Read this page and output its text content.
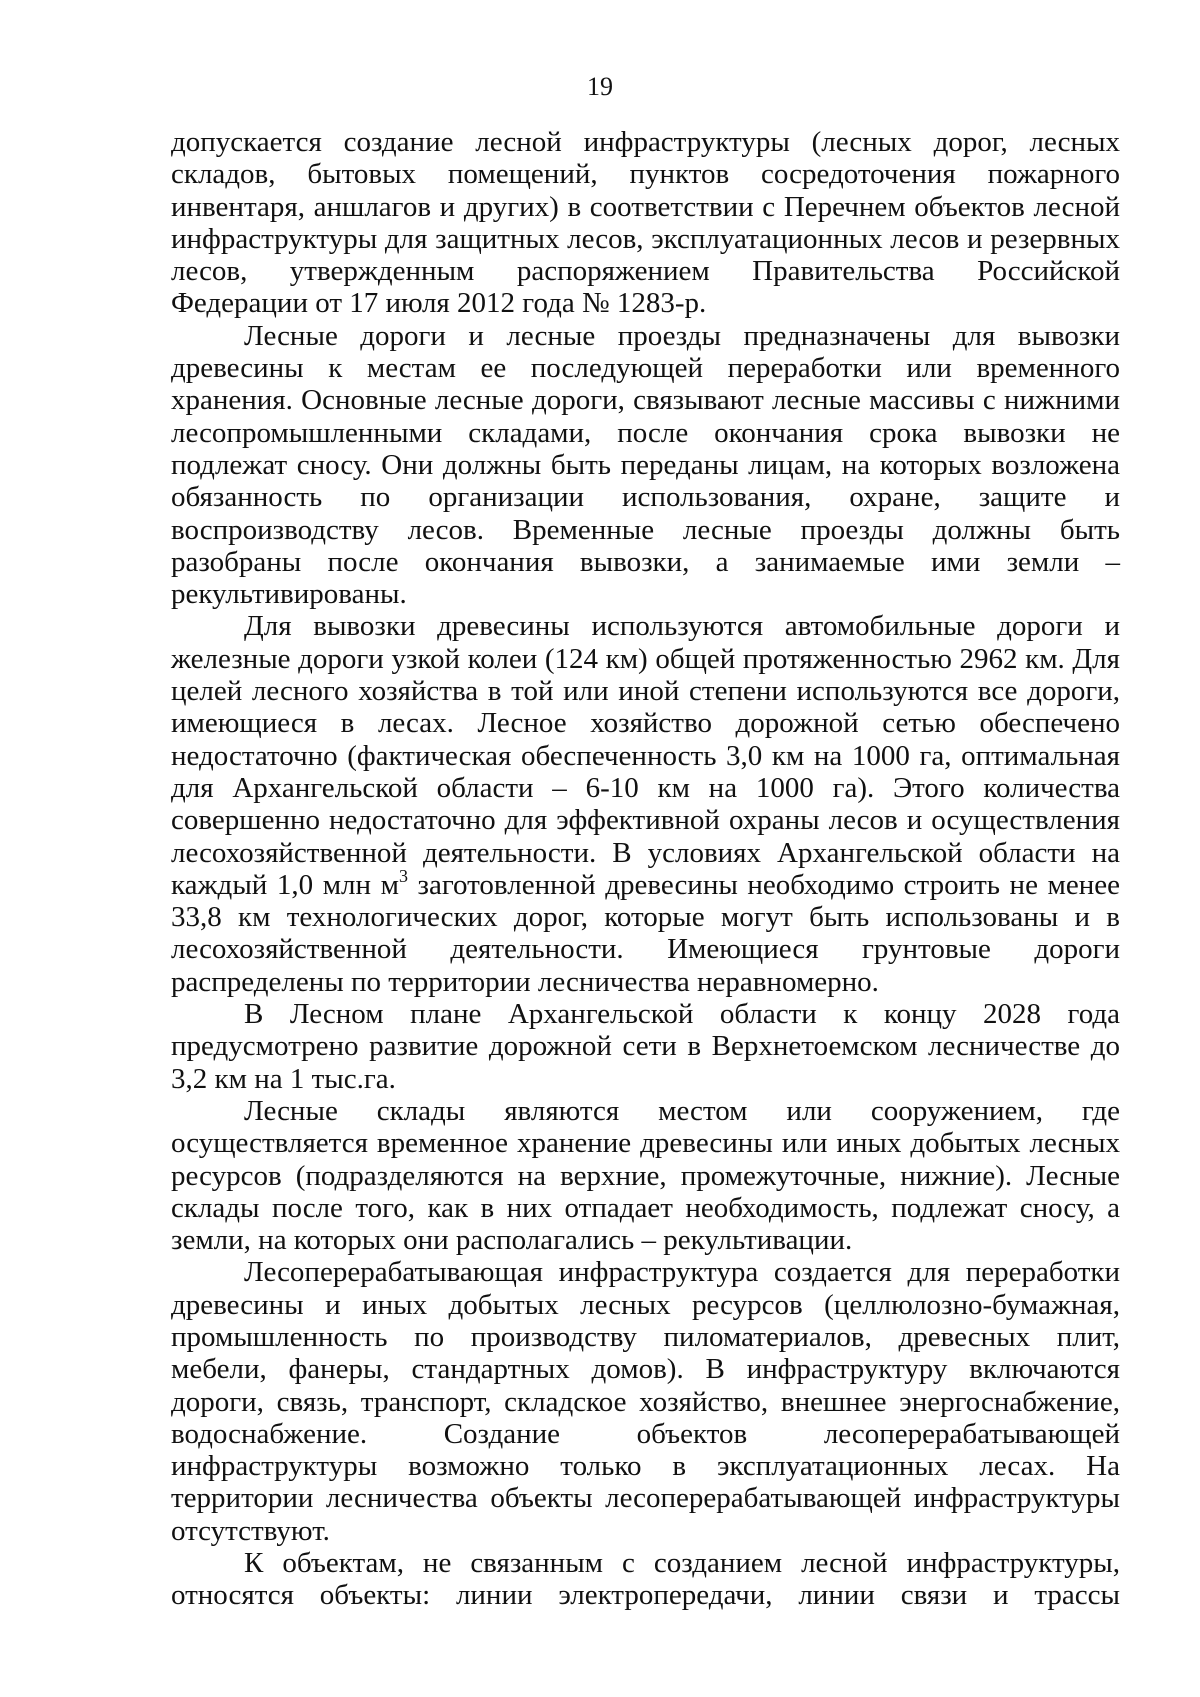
19

допускается создание лесной инфраструктуры (лесных дорог, лесных складов, бытовых помещений, пунктов сосредоточения пожарного инвентаря, аншлагов и других) в соответствии с Перечнем объектов лесной инфраструктуры для защитных лесов, эксплуатационных лесов и резервных лесов, утвержденным распоряжением Правительства Российской Федерации от 17 июля 2012 года № 1283-р.

Лесные дороги и лесные проезды предназначены для вывозки древесины к местам ее последующей переработки или временного хранения. Основные лесные дороги, связывают лесные массивы с нижними лесопромышленными складами, после окончания срока вывозки не подлежат сносу. Они должны быть переданы лицам, на которых возложена обязанность по организации использования, охране, защите и воспроизводству лесов. Временные лесные проезды должны быть разобраны после окончания вывозки, а занимаемые ими земли – рекультивированы.

Для вывозки древесины используются автомобильные дороги и железные дороги узкой колеи (124 км) общей протяженностью 2962 км. Для целей лесного хозяйства в той или иной степени используются все дороги, имеющиеся в лесах. Лесное хозяйство дорожной сетью обеспечено недостаточно (фактическая обеспеченность 3,0 км на 1000 га, оптимальная для Архангельской области – 6-10 км на 1000 га). Этого количества совершенно недостаточно для эффективной охраны лесов и осуществления лесохозяйственной деятельности. В условиях Архангельской области на каждый 1,0 млн $м^3$ заготовленной древесины необходимо строить не менее 33,8 км технологических дорог, которые могут быть использованы и в лесохозяйственной деятельности. Имеющиеся грунтовые дороги распределены по территории лесничества неравномерно.

В Лесном плане Архангельской области к концу 2028 года предусмотрено развитие дорожной сети в Верхнетоемском лесничестве до 3,2 км на 1 тыс.га.

Лесные склады являются местом или сооружением, где осуществляется временное хранение древесины или иных добытых лесных ресурсов (подразделяются на верхние, промежуточные, нижние). Лесные склады после того, как в них отпадает необходимость, подлежат сносу, а земли, на которых они располагались – рекультивации.

Лесоперерабатывающая инфраструктура создается для переработки древесины и иных добытых лесных ресурсов (целлюлозно-бумажная, промышленность по производству пиломатериалов, древесных плит, мебели, фанеры, стандартных домов). В инфраструктуру включаются дороги, связь, транспорт, складское хозяйство, внешнее энергоснабжение, водоснабжение. Создание объектов лесоперерабатывающей инфраструктуры возможно только в эксплуатационных лесах. На территории лесничества объекты лесоперерабатывающей инфраструктуры отсутствуют.

К объектам, не связанным с созданием лесной инфраструктуры, относятся объекты: линии электропередачи, линии связи и трассы
